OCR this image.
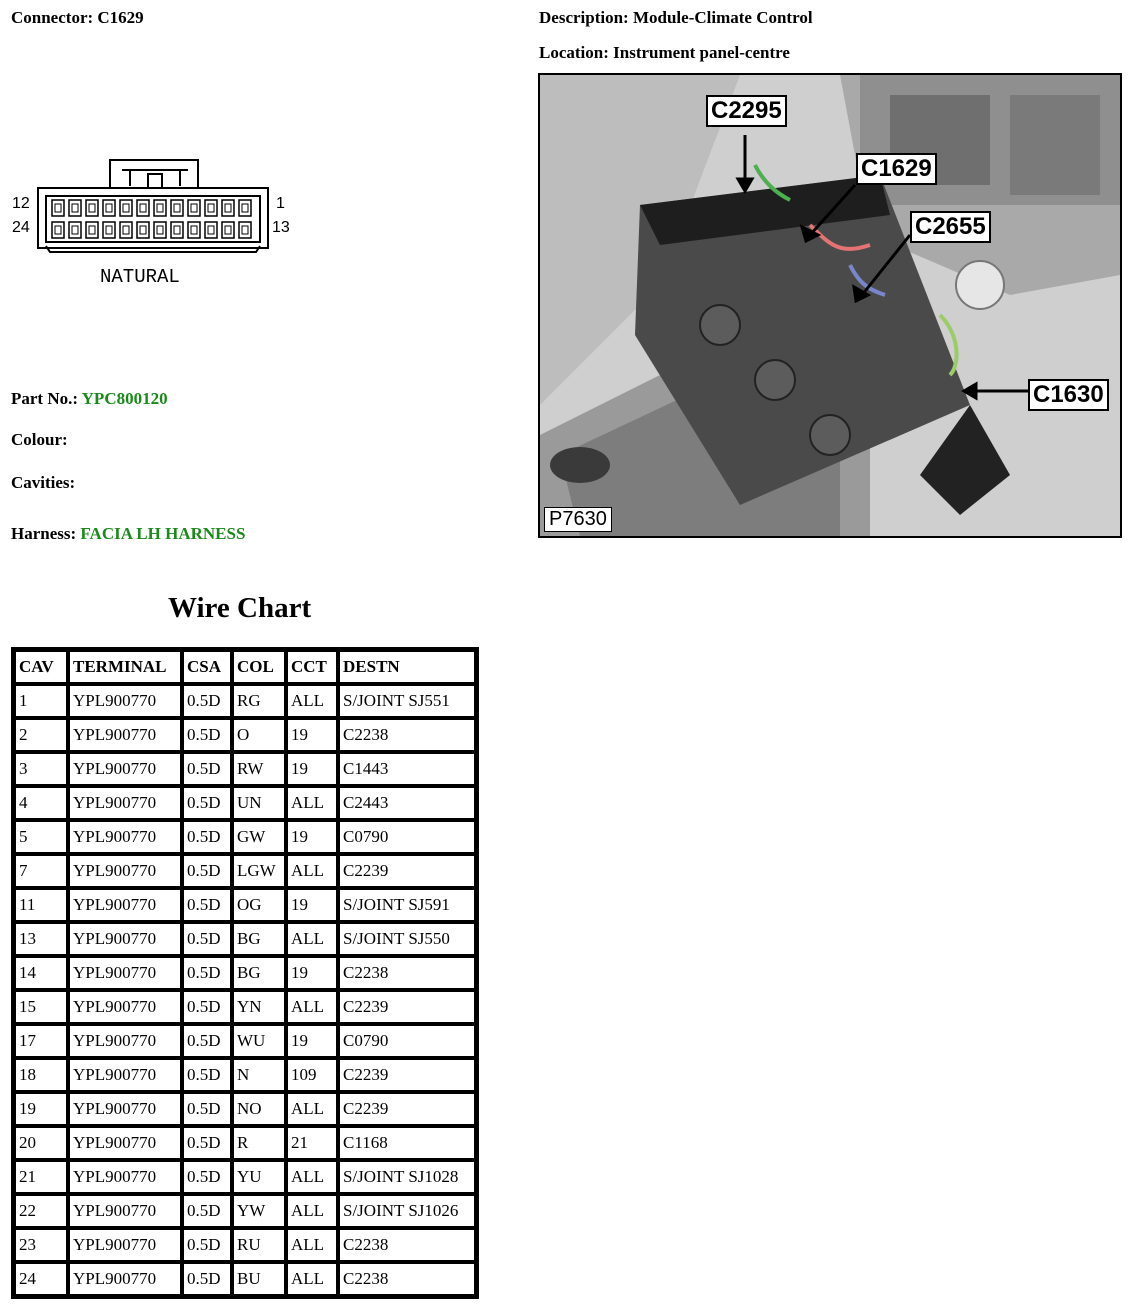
Connector: C1629	Description: Module-Climate Control
Location: Instrument panel-centre
12
24
1
13
NATURAL
Part No.: YPC800120
Colour:
Cavities:
Harness: FACIA LH HARNESS
C2295
C1629
C2655
C1630
P7630
Wire Chart
CAV	TERMINAL	CSA	COL	CCT	DESTN
1	YPL900770	0.5D	RG	ALL	S/JOINT SJ551
2	YPL900770	0.5D	O	19	C2238
3	YPL900770	0.5D	RW	19	C1443
4	YPL900770	0.5D	UN	ALL	C2443
5	YPL900770	0.5D	GW	19	C0790
7	YPL900770	0.5D	LGW	ALL	C2239
11	YPL900770	0.5D	OG	19	S/JOINT SJ591
13	YPL900770	0.5D	BG	ALL	S/JOINT SJ550
14	YPL900770	0.5D	BG	19	C2238
15	YPL900770	0.5D	YN	ALL	C2239
17	YPL900770	0.5D	WU	19	C0790
18	YPL900770	0.5D	N	109	C2239
19	YPL900770	0.5D	NO	ALL	C2239
20	YPL900770	0.5D	R	21	C1168
21	YPL900770	0.5D	YU	ALL	S/JOINT SJ1028
22	YPL900770	0.5D	YW	ALL	S/JOINT SJ1026
23	YPL900770	0.5D	RU	ALL	C2238
24	YPL900770	0.5D	BU	ALL	C2238
